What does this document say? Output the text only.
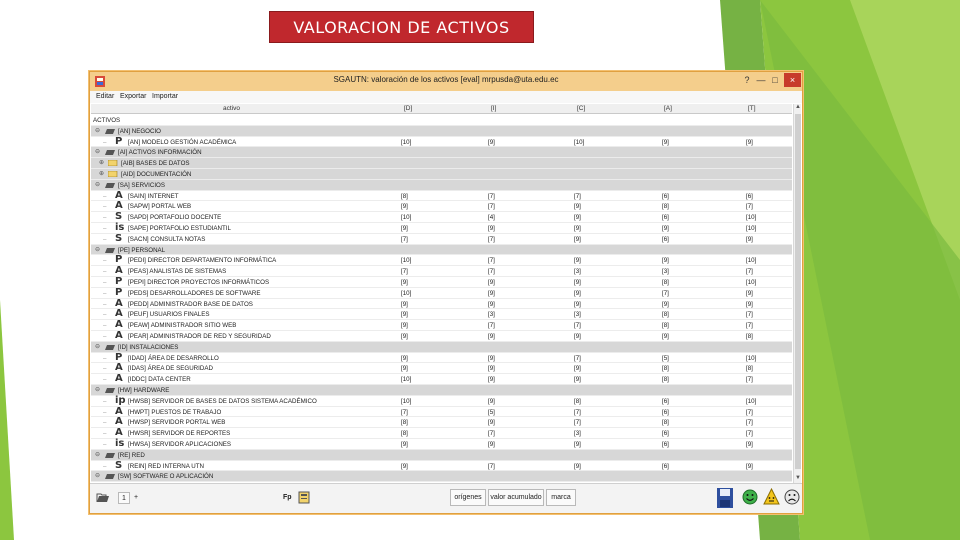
VALORACION DE ACTIVOS
SGAUTN: valoración de los activos [eval] mrpusda@uta.edu.ec	? — □	×
Editar Exportar Importar
activo	[D]	[I]	[C]	[A]	[T]
ACTIVOS
⊖	[AN] NEGOCIO
– P [AN] MODELO GESTIÓN ACADÉMICA	[10]	[9]	[10]	[9]	[9]
⊖	[AI] ACTIVOS INFORMACIÓN
⊕	[AIB] BASES DE DATOS
⊕	[AID] DOCUMENTACIÓN
⊖	[SA] SERVICIOS
– A [SAIN] INTERNET	[8]	[7]	[7]	[6]	[6]
– A [SAPW] PORTAL WEB	[9]	[7]	[9]	[8]	[7]
– S [SAPD] PORTAFOLIO DOCENTE	[10]	[4]	[9]	[6]	[10]
– is [SAPE] PORTAFOLIO ESTUDIANTIL	[9]	[9]	[9]	[9]	[10]
– S [SACN] CONSULTA NOTAS	[7]	[7]	[9]	[6]	[9]
⊖	[PE] PERSONAL
– P [PEDI] DIRECTOR DEPARTAMENTO INFORMÁTICA	[10]	[7]	[9]	[9]	[10]
– A [PEAS] ANALISTAS DE SISTEMAS	[7]	[7]	[3]	[3]	[7]
– P [PEPI] DIRECTOR PROYECTOS INFORMÁTICOS	[9]	[9]	[9]	[8]	[10]
– P [PEDS] DESARROLLADORES DE SOFTWARE	[10]	[9]	[9]	[7]	[9]
– A [PEDD] ADMINISTRADOR BASE DE DATOS	[9]	[9]	[9]	[9]	[9]
– A [PEUF] USUARIOS FINALES	[9]	[3]	[3]	[8]	[7]
– A [PEAW] ADMINISTRADOR SITIO WEB	[9]	[7]	[7]	[8]	[7]
– A [PEAR] ADMINISTRADOR DE RED Y SEGURIDAD	[9]	[9]	[9]	[9]	[8]
⊖	[ID] INSTALACIONES
– P [IDAD] ÁREA DE DESARROLLO	[9]	[9]	[7]	[5]	[10]
– A [IDAS] ÁREA DE SEGURIDAD	[9]	[9]	[9]	[8]	[8]
– A [IDDC] DATA CENTER	[10]	[9]	[9]	[8]	[7]
⊖	[HW] HARDWARE
– ip [HWSB] SERVIDOR DE BASES DE DATOS SISTEMA ACADÉMICO	[10]	[9]	[8]	[6]	[10]
– A [HWPT] PUESTOS DE TRABAJO	[7]	[5]	[7]	[6]	[7]
– A [HWSP] SERVIDOR PORTAL WEB	[8]	[9]	[7]	[8]	[7]
– A [HWSR] SERVIDOR DE REPORTES	[8]	[7]	[3]	[6]	[7]
– is [HWSA] SERVIDOR APLICACIONES	[9]	[9]	[9]	[6]	[9]
⊖	[RE] RED
– S [REIN] RED INTERNA UTN	[9]	[7]	[9]	[6]	[9]
⊖	[SW] SOFTWARE O APLICACIÓN
▲
▼
1	+	Fp	orígenes	valor acumulado	marca
